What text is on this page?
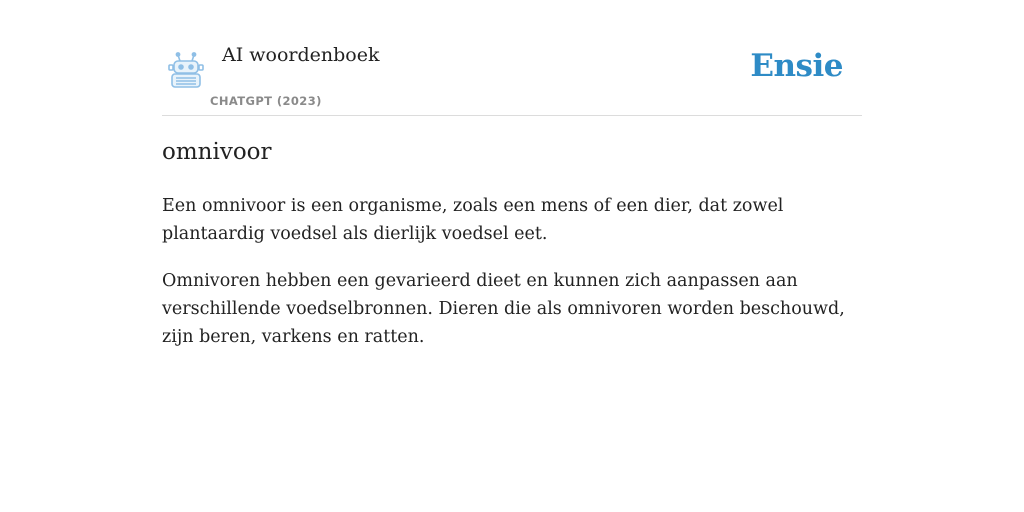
AI woordenboek
CHATGPT (2023)
Ensie
omnivoor

Een omnivoor is een organisme, zoals een mens of een dier, dat zowel plantaardig voedsel als dierlijk voedsel eet.

Omnivoren hebben een gevarieerd dieet en kunnen zich aanpassen aan verschillende voedselbronnen. Dieren die als omnivoren worden beschouwd, zijn beren, varkens en ratten.
